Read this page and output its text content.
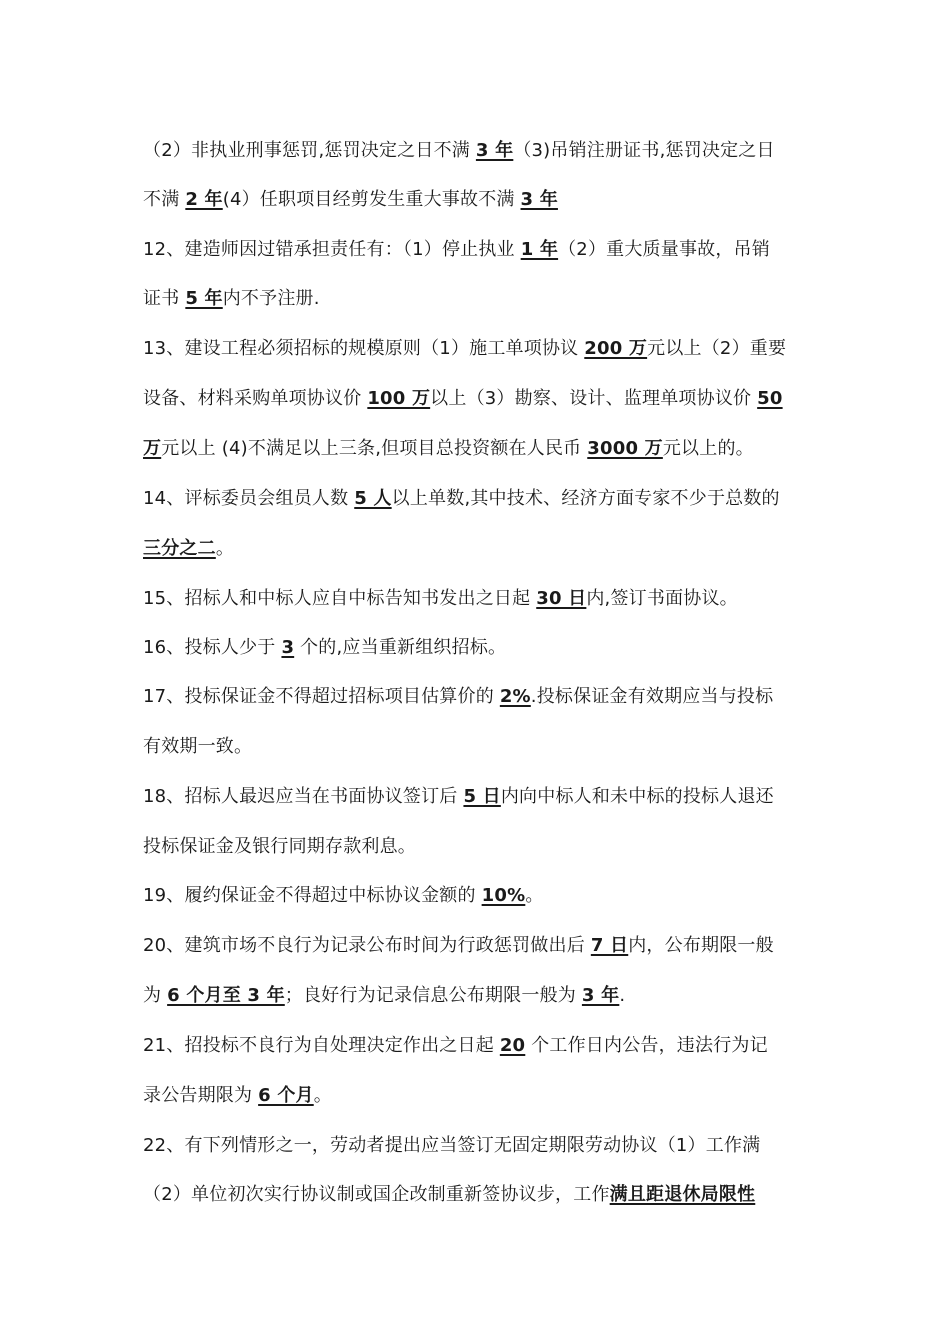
（2）非执业刑事惩罚,惩罚决定之日不满 3 年（3)吊销注册证书,惩罚决定之日
不满 2 年(4）任职项目经剪发生重大事故不满 3 年
12、建造师因过错承担责任有：（1）停止执业 1 年（2）重大质量事故，吊销
证书 5 年内不予注册.
13、建设工程必须招标的规模原则（1）施工单项协议 200 万元以上（2）重要
设备、材料采购单项协议价 100 万以上（3）勘察、设计、监理单项协议价 50
万元以上 (4)不满足以上三条,但项目总投资额在人民币 3000 万元以上的。
14、评标委员会组员人数 5 人以上单数,其中技术、经济方面专家不少于总数的
三分之二。
15、招标人和中标人应自中标告知书发出之日起 30 日内,签订书面协议。
16、投标人少于 3 个的,应当重新组织招标。
17、投标保证金不得超过招标项目估算价的 2%.投标保证金有效期应当与投标
有效期一致。
18、招标人最迟应当在书面协议签订后 5 日内向中标人和未中标的投标人退还
投标保证金及银行同期存款利息。
19、履约保证金不得超过中标协议金额的 10%。
20、建筑市场不良行为记录公布时间为行政惩罚做出后 7 日内，公布期限一般
为 6 个月至 3 年；良好行为记录信息公布期限一般为 3 年.
21、招投标不良行为自处理决定作出之日起 20 个工作日内公告，违法行为记
录公告期限为 6 个月。
22、有下列情形之一，劳动者提出应当签订无固定期限劳动协议（1）工作满
（2）单位初次实行协议制或国企改制重新签协议步，工作满且距退休局限性
